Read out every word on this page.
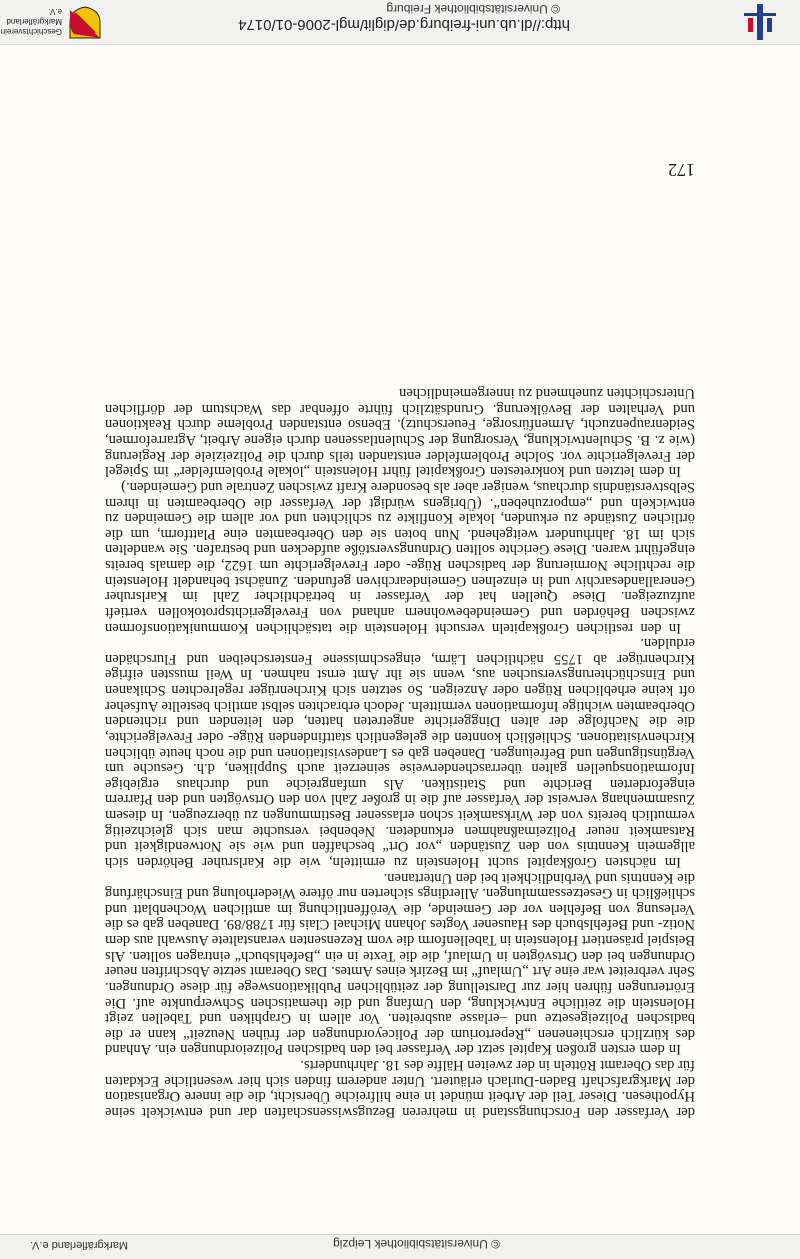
© Universitätsbibliothek Leipzig
Markgräflerland e.V.

der Verfasser den Forschungsstand in mehreren Bezugswissenschaften dar und entwickelt seine Hypothesen. Dieser Teil der Arbeit mündet in eine hilfreiche Übersicht, die die innere Organisation der Markgrafschaft Baden-Durlach erläutert. Unter anderem finden sich hier wesentliche Eckdaten für das Oberamt Rötteln in der zweiten Hälfte des 18. Jahrhunderts.

In dem ersten großen Kapitel setzt der Verfasser bei den badischen Polizeiordnungen ein. Anhand des kürzlich erschienenen „Repertorium der Policeyordnungen der frühen Neuzeit“ kann er die badischen Polizeigesetze und –erlasse ausbreiten. Vor allem in Graphiken und Tabellen zeigt Holenstein die zeitliche Entwicklung, den Umfang und die thematischen Schwerpunkte auf. Die Erörterungen führen hier zur Darstellung der zeitüblichen Publikationswege für diese Ordnungen. Sehr verbreitet war eine Art „Umlauf“ im Bezirk eines Amtes. Das Oberamt setzte Abschriften neuer Ordnungen bei den Ortsvögten in Umlauf, die die Texte in ein „Befehlsbuch“ eintragen sollten. Als Beispiel präsentiert Holenstein in Tabellenform die vom Rezensenten veranstaltete Auswahl aus dem Notiz- und Befehlsbuch des Hausener Vogtes Johann Michael Clais für 1788/89. Daneben gab es die Verlesung von Befehlen vor der Gemeinde, die Veröffentlichung im amtlichen Wochenblatt und schließlich in Gesetzessammlungen. Allerdings sicherten nur öftere Wiederholung und Einschärfung die Kenntnis und Verbindlichkeit bei den Untertanen.

Im nächsten Großkapitel sucht Holenstein zu ermitteln, wie die Karlsruher Behörden sich allgemein Kenntnis von den Zuständen „vor Ort“ beschaffen und wie sie Notwendigkeit und Ratsamkeit neuer Polizeimaßnahmen erkundeten. Nebenbei versuchte man sich gleichzeitig vermutlich bereits von der Wirksamkeit schon erlassener Bestimmungen zu überzeugen. In diesem Zusammenhang verweist der Verfasser auf die in großer Zahl von den Ortsvögten und den Pfarrern eingeforderten Berichte und Statistiken. Als umfangreiche und durchaus ergiebige Informationsquellen galten überraschenderweise seinerzeit auch Suppliken, d.h. Gesuche um Vergünstigungen und Befreiungen. Daneben gab es Landesvisitationen und die noch heute üblichen Kirchenvisitationen. Schließlich konnten die gelegentlich stattfindenden Rüge- oder Frevelgerichte, die die Nachfolge der alten Dinggerichte angetreten hatten, den leitenden und richtenden Oberbeamten wichtige Informationen vermitteln. Jedoch erbrachten selbst amtlich bestellte Aufseher oft keine erheblichen Rügen oder Anzeigen. So setzten sich Kirchenrüger regelrechten Schikanen und Einschüchterungsversuchen aus, wenn sie ihr Amt ernst nahmen. In Weil mussten eifrige Kirchenrüger ab 1755 nächtlichen Lärm, eingeschmissene Fensterscheiben und Flurschäden erdulden.

In den restlichen Großkapiteln versucht Holenstein die tatsächlichen Kommunikationsformen zwischen Behörden und Gemeindebewohnern anhand von Frevelgerichtsprotokollen vertieft aufzuzeigen. Diese Quellen hat der Verfasser in beträchtlicher Zahl im Karlsruher Generallandesarchiv und in einzelnen Gemeindearchiven gefunden. Zunächst behandelt Holenstein die rechtliche Normierung der badischen Rüge- oder Frevelgerichte um 1622, die damals bereits eingeführt waren. Diese Gerichte sollten Ordnungsverstöße aufdecken und bestrafen. Sie wandelten sich im 18. Jahrhundert weitgehend. Nun boten sie den Oberbeamten eine Plattform, um die örtlichen Zustände zu erkunden, lokale Konflikte zu schlichten und vor allem die Gemeinden zu entwickeln und „emporzuheben“. (Übrigens würdigt der Verfasser die Oberbeamten in ihrem Selbstverständnis durchaus, weniger aber als besondere Kraft zwischen Zentrale und Gemeinden.)

In dem letzten und konkretesten Großkapitel führt Holenstein „lokale Problemfelder“ im Spiegel der Frevelgerichte vor. Solche Problemfelder entstanden teils durch die Polizeiziele der Regierung (wie z. B. Schulentwicklung, Versorgung der Schulentlassenen durch eigene Arbeit, Agrarreformen, Seidenraupenzucht, Armenfürsorge, Feuerschutz). Ebenso entstanden Probleme durch Reaktionen und Verhalten der Bevölkerung. Grundsätzlich führte offenbar das Wachstum der dörflichen Unterschichten zunehmend zu innergemeindlichen

172
http://dl.ub.uni-freiburg.de/diglit/mgl-2006-01/0174
© Universitätsbibliothek Freiburg
Geschichtsverein Markgräflerland e.V.
